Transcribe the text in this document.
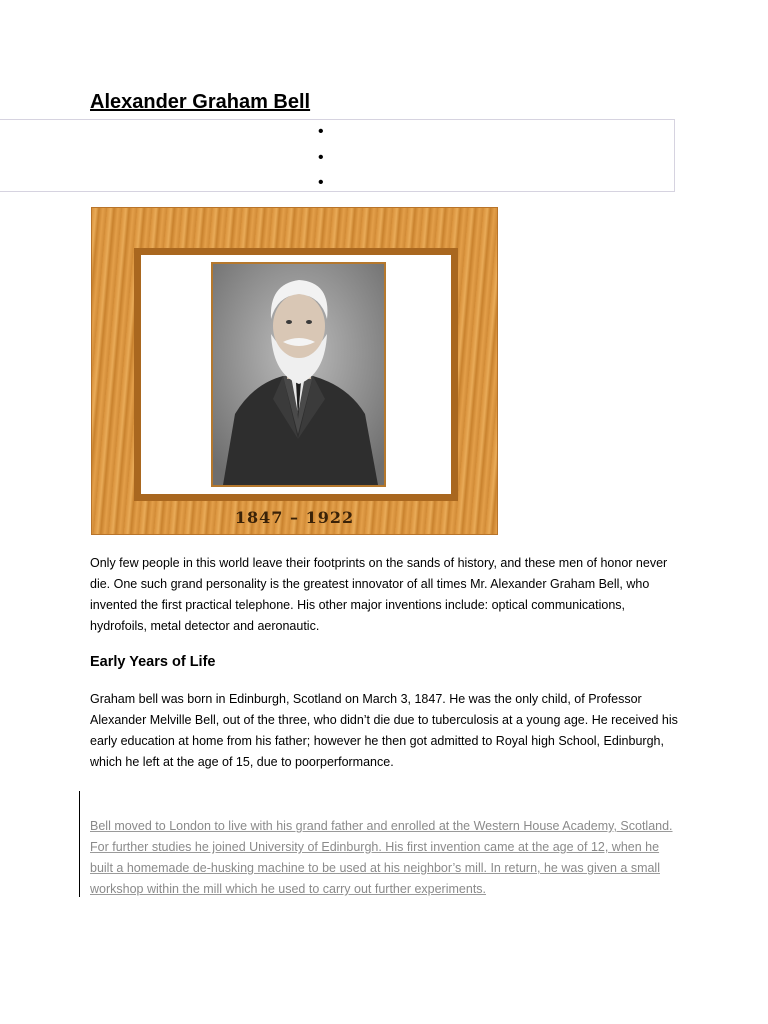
Alexander Graham Bell
•
•
•
1847 – 1922

Only few people in this world leave their footprints on the sands of history, and these men of honor never die. One such grand personality is the greatest innovator of all times Mr. Alexander Graham Bell, who invented the first practical telephone. His other major inventions include: optical communications, hydrofoils, metal detector and aeronautic.

Early Years of Life

Graham bell was born in Edinburgh, Scotland on March 3, 1847. He was the only child, of Professor Alexander Melville Bell, out of the three, who didn’t die due to tuberculosis at a young age. He received his early education at home from his father; however he then got admitted to Royal high School, Edinburgh, which he left at the age of 15, due to poorperformance.

Bell moved to London to live with his grand father and enrolled at the Western House Academy, Scotland. For further studies he joined University of Edinburgh. His first invention came at the age of 12, when he built a homemade de-husking machine to be used at his neighbor’s mill. In return, he was given a small workshop within the mill which he used to carry out further experiments.
